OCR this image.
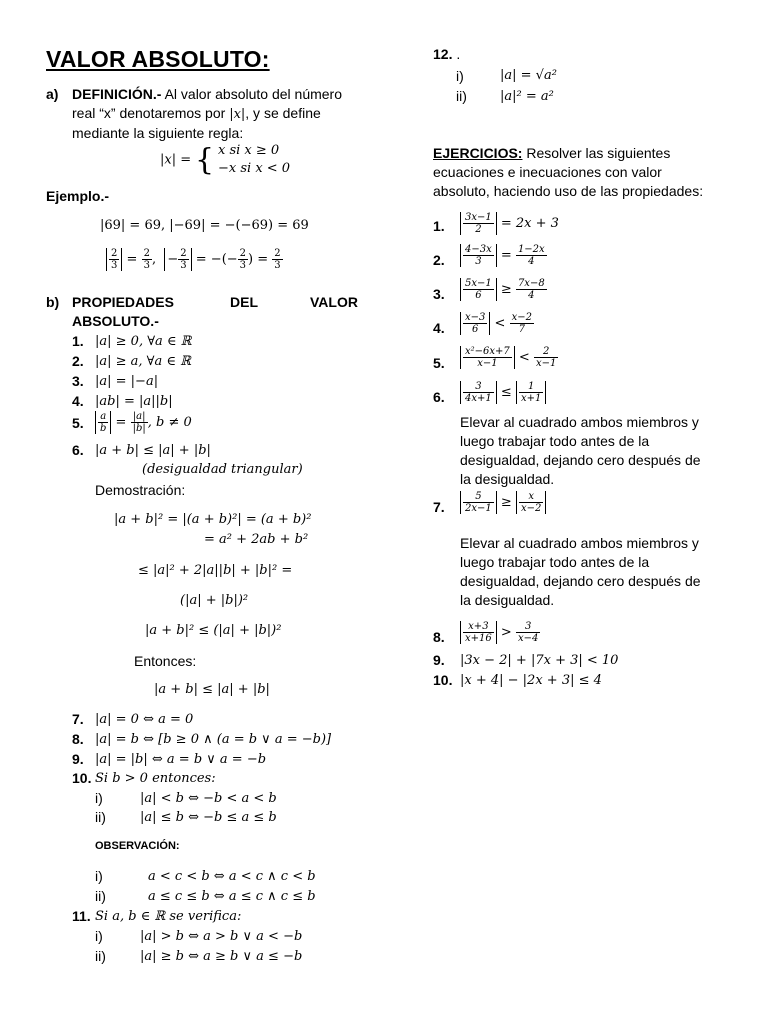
VALOR ABSOLUTO:
a) DEFINICIÓN.- Al valor absoluto del número
real “x” denotaremos por |x|, y se define
mediante la siguiente regla:
|x| = { x si x ≥ 0
−x si x < 0
Ejemplo.-
|69| = 69, |−69| = −(−69) = 69
$\frac{2}{3} = \frac{2}{3}$ , − $\frac{2}{3}$ = −(− $\frac{2}{3}$ ) = $\frac{2}{3}$
b) PROPIEDADES	DEL	VALOR
ABSOLUTO.-
1. |a| ≥ 0, ∀a ∈ ℝ
2. |a| ≥ a, ∀a ∈ ℝ
3. |a| = |−a|
4. |ab| = |a||b|
5. $\frac{a}{b} = \frac{|a|}{|b|}$ , b ≠ 0
6. |a + b| ≤ |a| + |b|
(desigualdad triangular)
Demostración:
|a + b|² = |(a + b)²| = (a + b)²
= a² + 2ab + b²
≤ |a|² + 2|a||b| + |b|² =
(|a| + |b|)²
|a + b|² ≤ (|a| + |b|)²
Entonces:
|a + b| ≤ |a| + |b|
7. |a| = 0 ⇔ a = 0
8. |a| = b ⇔ [b ≥ 0 ∧ (a = b ∨ a = −b)]
9. |a| = |b| ⇔ a = b ∨ a = −b
10. Si b > 0 entonces:
i)	|a| < b ⇔ −b < a < b
ii)	|a| ≤ b ⇔ −b ≤ a ≤ b
OBSERVACIÓN:
i)	a < c < b ⇔ a < c ∧ c < b
ii)	a ≤ c ≤ b ⇔ a ≤ c ∧ c ≤ b
11. Si a, b ∈ ℝ se verifica:
i)	|a| > b ⇔ a > b ∨ a < −b
ii)	|a| ≥ b ⇔ a ≥ b ∨ a ≤ −b
12. .
i)	|a| = √a²
ii)	|a|² = a²
EJERCICIOS: Resolver las siguientes
ecuaciones e inecuaciones con valor
absoluto, haciendo uso de las propiedades:
1. $\frac{3x-1}{2} = 2x + 3$
2. $\frac{4-3x}{3} = \frac{1-2x}{4}$
3. $\frac{5x-1}{6} \ge \frac{7x-8}{4}$
4. $\frac{x-3}{6} < \frac{x-2}{7}$
5. $\frac{\text{x²−6x+7}}{x-1} < \frac{2}{x-1}$
6. $\frac{3}{4x+1} \le \frac{1}{x+1}$
Elevar al cuadrado ambos miembros y
luego trabajar todo antes de la
desigualdad, dejando cero después de
la desigualdad.
7. $\frac{5}{2x-1} \ge \frac{x}{x-2}$
Elevar al cuadrado ambos miembros y
luego trabajar todo antes de la
desigualdad, dejando cero después de
la desigualdad.
8. $\frac{x+3}{x+16} > \frac{3}{x-4}$
9. |3x − 2| + |7x + 3| < 10
10. |x + 4| − |2x + 3| ≤ 4
